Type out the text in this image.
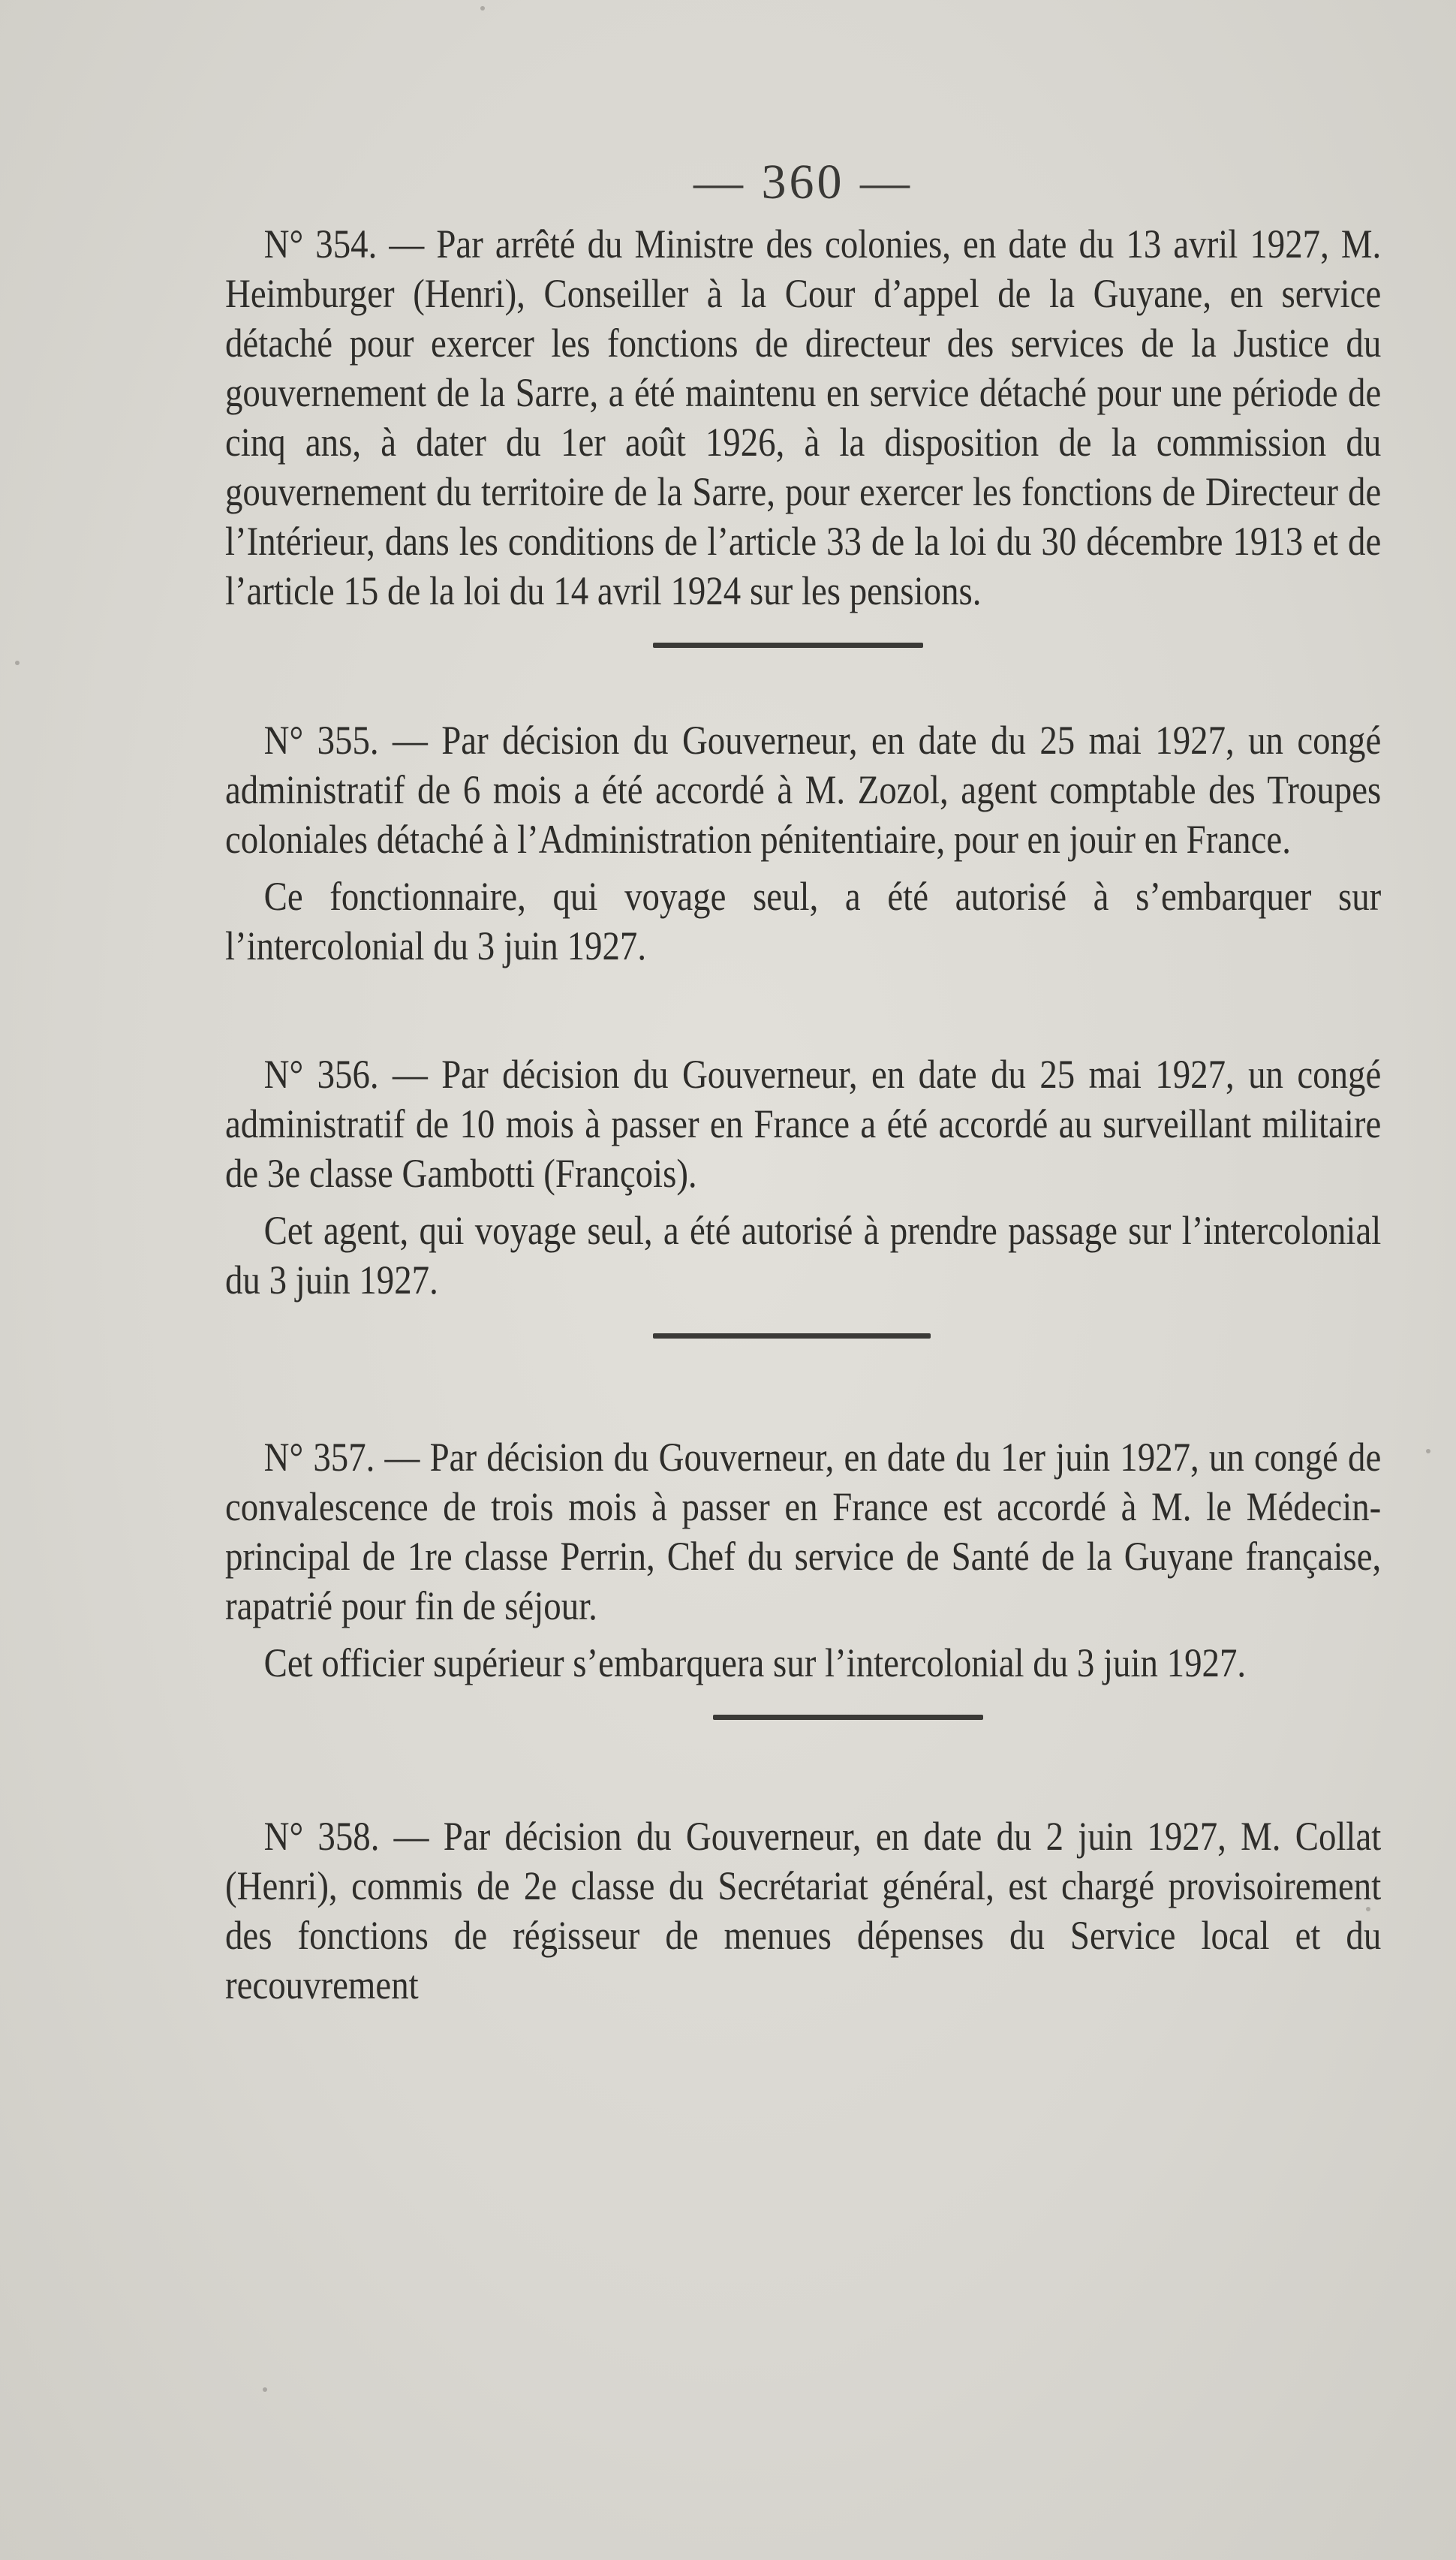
— 360 —

N° 354. — Par arrêté du Ministre des colonies, en date du 13 avril 1927, M. Heimburger (Henri), Conseiller à la Cour d’appel de la Guyane, en service détaché pour exercer les fonctions de directeur des services de la Justice du gouvernement de la Sarre, a été maintenu en service détaché pour une période de cinq ans, à dater du 1er août 1926, à la disposition de la commission du gouvernement du territoire de la Sarre, pour exercer les fonctions de Directeur de l’Intérieur, dans les conditions de l’article 33 de la loi du 30 décembre 1913 et de l’article 15 de la loi du 14 avril 1924 sur les pensions.

N° 355. — Par décision du Gouverneur, en date du 25 mai 1927, un congé administratif de 6 mois a été accordé à M. Zozol, agent comptable des Troupes coloniales détaché à l’Administration pénitentiaire, pour en jouir en France.

Ce fonctionnaire, qui voyage seul, a été autorisé à s’embarquer sur l’intercolonial du 3 juin 1927.

N° 356. — Par décision du Gouverneur, en date du 25 mai 1927, un congé administratif de 10 mois à passer en France a été accordé au surveillant militaire de 3e classe Gambotti (François).

Cet agent, qui voyage seul, a été autorisé à prendre passage sur l’intercolonial du 3 juin 1927.

N° 357. — Par décision du Gouverneur, en date du 1er juin 1927, un congé de convalescence de trois mois à passer en France est accordé à M. le Médecin-principal de 1re classe Perrin, Chef du service de Santé de la Guyane française, rapatrié pour fin de séjour.

Cet officier supérieur s’embarquera sur l’intercolonial du 3 juin 1927.

N° 358. — Par décision du Gouverneur, en date du 2 juin 1927, M. Collat (Henri), commis de 2e classe du Secrétariat général, est chargé provisoirement des fonctions de régisseur de menues dépenses du Service local et du recouvrement
